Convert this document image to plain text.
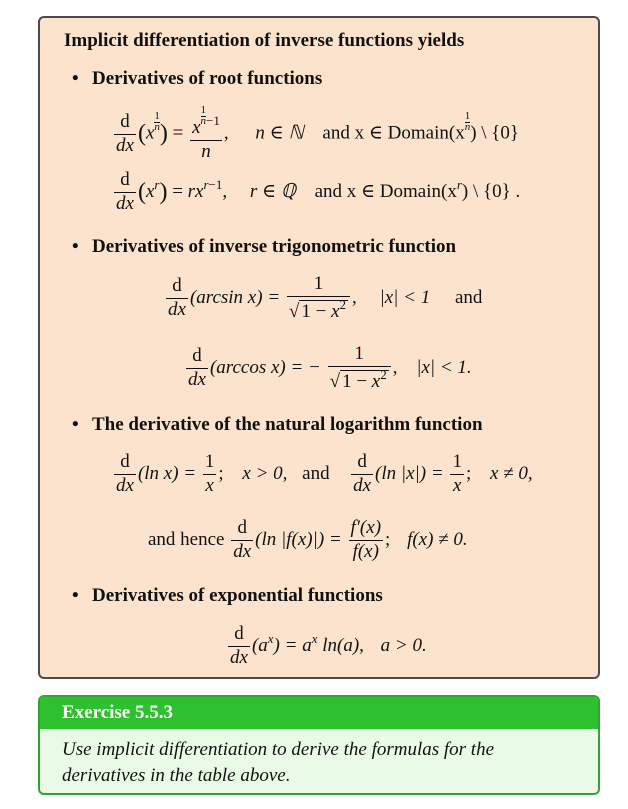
Implicit differentiation of inverse functions yields
• Derivatives of root functions
$\frac{d}{dx} (x$
$\frac{1}{n}$ ) = x
$\frac{1}{n} ^{-1}$
n , n ∈ ℕ and x ∈ Domain(x
$\frac{1}{n}$
) \ {0}
$\frac{d}{dx} (x^r) = rx^{r-1}$, r ∈ ℚ and x ∈ $Domain(x^r)$ \ {0} .
• Derivatives of inverse trigonometric function
$\frac{d}{dx} (\arcsin$ $x) = \frac{1}{√ 1 - x^2}$ , |x| < 1 and
$\frac{d}{dx} (\arccos$ x) = − $\frac{1}{√ 1 - x^2}$ , |x| < 1.
• The derivative of the natural logarithm function
$\frac{d}{dx} (\ln$ $x) = \frac{1}{x}$ ; x > 0, and $\frac{d}{dx} (\ln$ $|x|) = \frac{1}{x}$ ; x ≠ 0,
and hence $\frac{d}{dx} (\ln$ $|f(x)|) = \frac{f'(x)}{f(x)}$ ; f(x) ≠ 0.
• Derivatives of exponential functions
$\frac{d}{dx} (a^x) = a^x$ ln(a), a > 0.
Exercise 5.5.3
Use implicit differentiation to derive the formulas for the derivatives in the table above.
